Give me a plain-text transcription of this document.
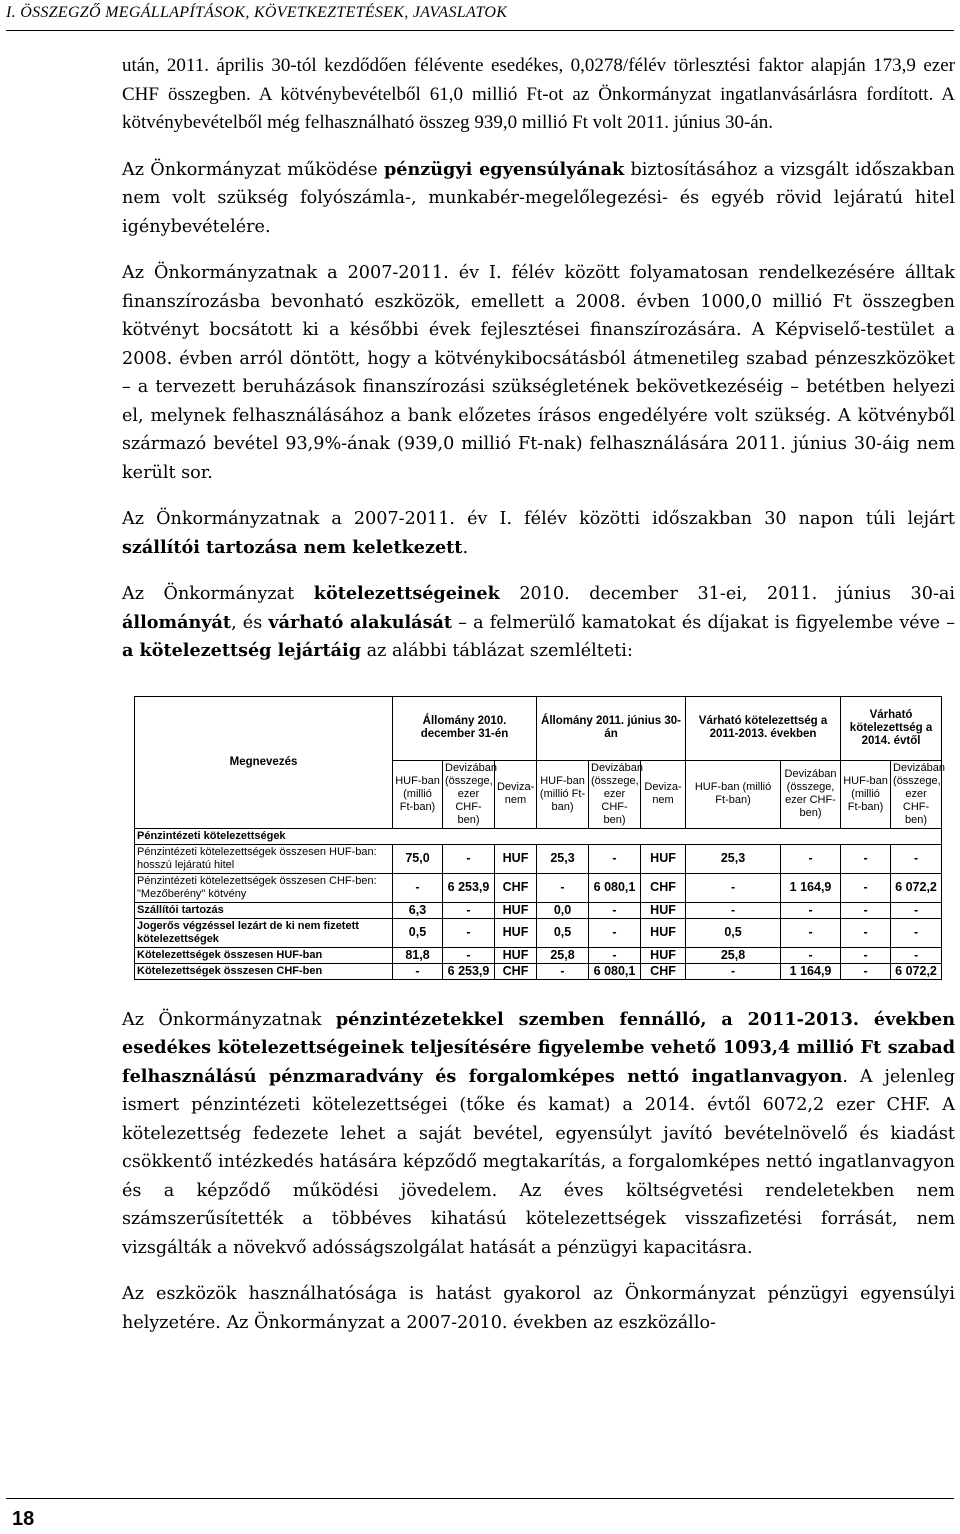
I. ÖSSZEGZŐ MEGÁLLAPÍTÁSOK, KÖVETKEZTETÉSEK, JAVASLATOK

után, 2011. április 30-tól kezdődően félévente esedékes, 0,0278/félév törlesztési faktor alapján 173,9 ezer CHF összegben. A kötvénybevételből 61,0 millió Ft-ot az Önkormányzat ingatlanvásárlásra fordított. A kötvénybevételből még felhasználható összeg 939,0 millió Ft volt 2011. június 30-án.

Az Önkormányzat működése pénzügyi egyensúlyának biztosításához a vizsgált időszakban nem volt szükség folyószámla-, munkabér-megelőlegezési- és egyéb rövid lejáratú hitel igénybevételére.

Az Önkormányzatnak a 2007-2011. év I. félév között folyamatosan rendelkezésére álltak finanszírozásba bevonható eszközök, emellett a 2008. évben 1000,0 millió Ft összegben kötvényt bocsátott ki a későbbi évek fejlesztései finanszírozására. A Képviselő-testület a 2008. évben arról döntött, hogy a kötvénykibocsátásból átmenetileg szabad pénzeszközöket – a tervezett beruházások finanszírozási szükségletének bekövetkezéséig – betétben helyezi el, melynek felhasználásához a bank előzetes írásos engedélyére volt szükség. A kötvényből származó bevétel 93,9%-ának (939,0 millió Ft-nak) felhasználására 2011. június 30-áig nem került sor.

Az Önkormányzatnak a 2007-2011. év I. félév közötti időszakban 30 napon túli lejárt szállítói tartozása nem keletkezett.

Az Önkormányzat kötelezettségeinek 2010. december 31-ei, 2011. június 30-ai állományát, és várható alakulását – a felmerülő kamatokat és díjakat is figyelembe véve – a kötelezettség lejártáig az alábbi táblázat szemlélteti:

Megnevezés	Állomány 2010. december 31-én			Állomány 2011. június 30-án			Várható kötelezettség a 2011-2013. években		Várható kötelezettség a 2014. évtől	
	HUF-ban (millió Ft-ban)	Devizában (összege, ezer CHF-ben)	Deviza-nem	HUF-ban (millió Ft-ban)	Devizában (összege, ezer CHF-ben)	Deviza-nem	HUF-ban (millió Ft-ban)	Devizában (összege, ezer CHF-ben)	HUF-ban (millió Ft-ban)	Devizában (összege, ezer CHF-ben)
Pénzintézeti kötelezettségek										
Pénzintézeti kötelezettségek összesen HUF-ban: hosszú lejáratú hitel	75,0	-	HUF	25,3	-	HUF	25,3	-	-	-
Pénzintézeti kötelezettségek összesen CHF-ben: "Mezőberény" kötvény	-	6 253,9	CHF	-	6 080,1	CHF	-	1 164,9	-	6 072,2
Szállítói tartozás	6,3	-	HUF	0,0	-	HUF	-	-	-	-
Jogerős végzéssel lezárt de ki nem fizetett kötelezettségek	0,5	-	HUF	0,5	-	HUF	0,5	-	-	-
Kötelezettségek összesen HUF-ban	81,8	-	HUF	25,8	-	HUF	25,8	-	-	-
Kötelezettségek összesen CHF-ben	-	6 253,9	CHF	-	6 080,1	CHF	-	1 164,9	-	6 072,2

Az Önkormányzatnak pénzintézetekkel szemben fennálló, a 2011-2013. években esedékes kötelezettségeinek teljesítésére figyelembe vehető 1093,4 millió Ft szabad felhasználású pénzmaradvány és forgalomképes nettó ingatlanvagyon. A jelenleg ismert pénzintézeti kötelezettségei (tőke és kamat) a 2014. évtől 6072,2 ezer CHF. A kötelezettség fedezete lehet a saját bevétel, egyensúlyt javító bevételnövelő és kiadást csökkentő intézkedés hatására képződő megtakarítás, a forgalomképes nettó ingatlanvagyon és a képződő működési jövedelem. Az éves költségvetési rendeletekben nem számszerűsítették a többéves kihatású kötelezettségek visszafizetési forrását, nem vizsgálták a növekvő adósságszolgálat hatását a pénzügyi kapacitásra.

Az eszközök használhatósága is hatást gyakorol az Önkormányzat pénzügyi egyensúlyi helyzetére. Az Önkormányzat a 2007-2010. években az eszközállo-

18
